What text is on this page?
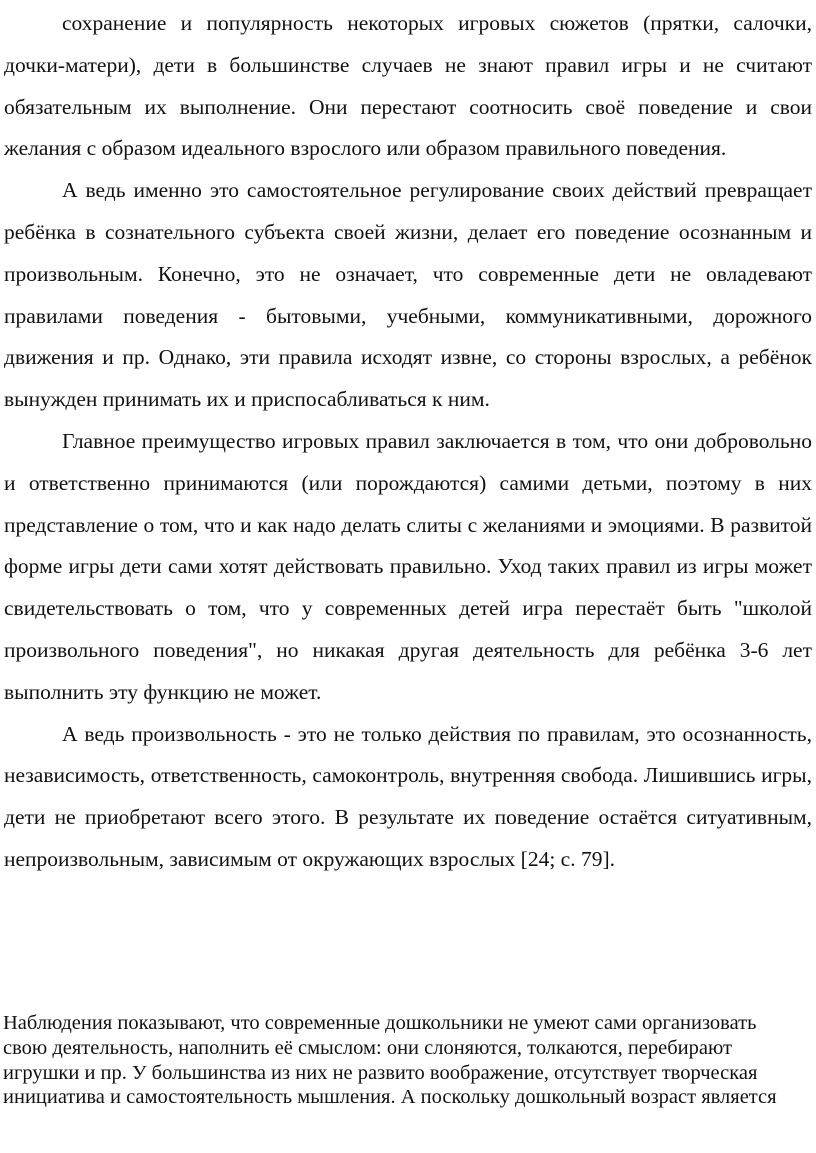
сохранение и популярность некоторых игровых сюжетов (прятки, салочки, дочки-матери), дети в большинстве случаев не знают правил игры и не считают обязательным их выполнение. Они перестают соотносить своё поведение и свои желания с образом идеального взрослого или образом правильного поведения.

А ведь именно это самостоятельное регулирование своих действий превращает ребёнка в сознательного субъекта своей жизни, делает его поведение осознанным и произвольным. Конечно, это не означает, что современные дети не овладевают правилами поведения - бытовыми, учебными, коммуникативными, дорожного движения и пр. Однако, эти правила исходят извне, со стороны взрослых, а ребёнок вынужден принимать их и приспосабливаться к ним.

Главное преимущество игровых правил заключается в том, что они добровольно и ответственно принимаются (или порождаются) самими детьми, поэтому в них представление о том, что и как надо делать слиты с желаниями и эмоциями. В развитой форме игры дети сами хотят действовать правильно. Уход таких правил из игры может свидетельствовать о том, что у современных детей игра перестаёт быть "школой произвольного поведения", но никакая другая деятельность для ребёнка 3-6 лет выполнить эту функцию не может.

А ведь произвольность - это не только действия по правилам, это осознанность, независимость, ответственность, самоконтроль, внутренняя свобода. Лишившись игры, дети не приобретают всего этого. В результате их поведение остаётся ситуативным, непроизвольным, зависимым от окружающих взрослых [24; с. 79].

Наблюдения показывают, что современные дошкольники не умеют сами организовать свою деятельность, наполнить её смыслом: они слоняются, толкаются, перебирают игрушки и пр. У большинства из них не развито воображение, отсутствует творческая инициатива и самостоятельность мышления. А поскольку дошкольный возраст является
